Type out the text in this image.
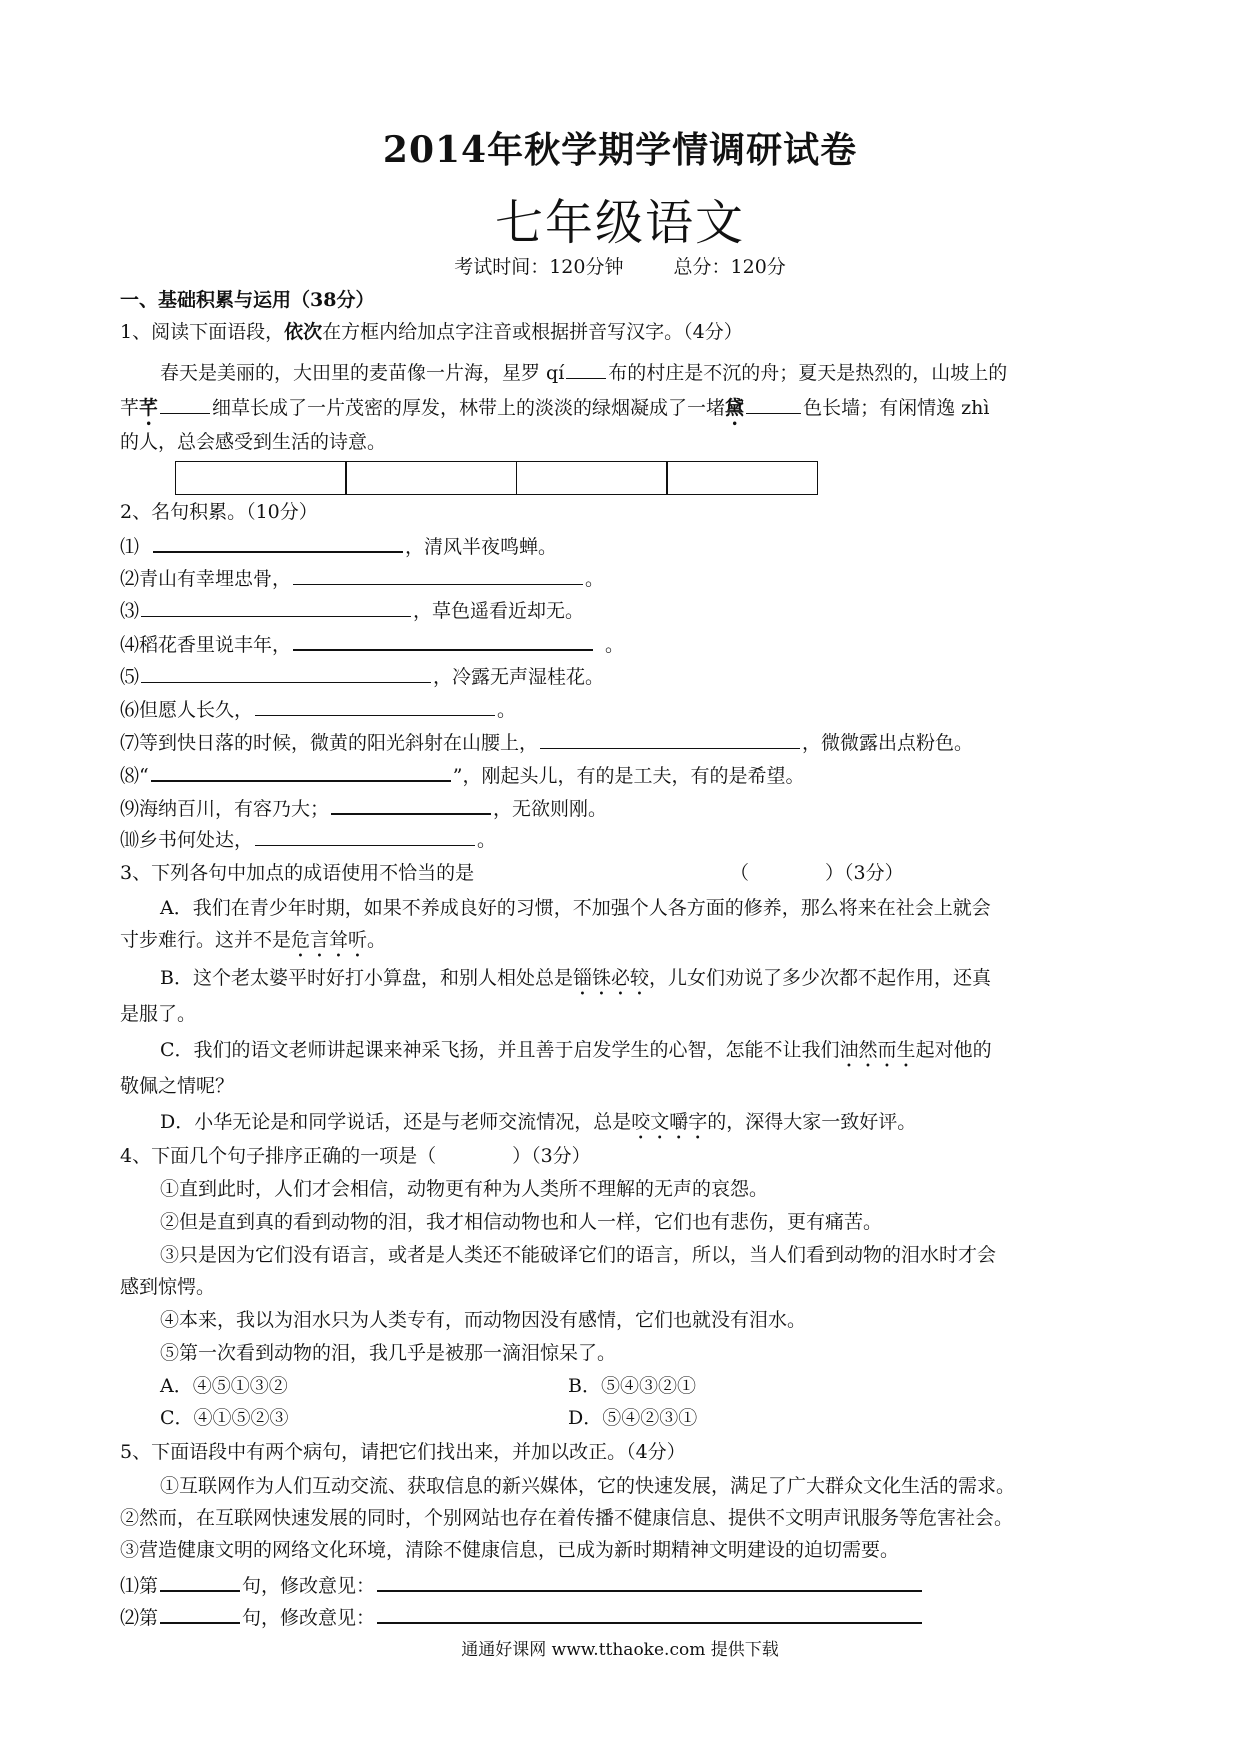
2014年秋学期学情调研试卷
七年级语文
考试时间：120分钟	总分：120分
一、基础积累与运用（38分）
1、阅读下面语段，依次在方框内给加点字注音或根据拼音写汉字。（4分）
春天是美丽的，大田里的麦苗像一片海，星罗 qí 布的村庄是不沉的舟；夏天是热烈的，山坡上的
芊芊	细草长成了一片茂密的厚发，林带上的淡淡的绿烟凝成了一堵黛	色长墙；有闲情逸 zhì
的人，总会感受到生活的诗意。
2、名句积累。（10分）
⑴	，清风半夜鸣蝉。
⑵青山有幸埋忠骨，	。
⑶	，草色遥看近却无。
⑷稻花香里说丰年，	。
⑸	，冷露无声湿桂花。
⑹但愿人长久，	。
⑺等到快日落的时候，微黄的阳光斜射在山腰上，	，微微露出点粉色。
⑻“	”，刚起头儿，有的是工夫，有的是希望。
⑼海纳百川，有容乃大；	，无欲则刚。
⑽乡书何处达，	。
3、下列各句中加点的成语使用不恰当的是	（　　　　）（3分）
A．我们在青少年时期，如果不养成良好的习惯，不加强个人各方面的修养，那么将来在社会上就会
寸步难行。这并不是危言耸听。
B．这个老太婆平时好打小算盘，和别人相处总是锱铢必较，儿女们劝说了多少次都不起作用，还真
是服了。
C．我们的语文老师讲起课来神采飞扬，并且善于启发学生的心智，怎能不让我们油然而生起对他的
敬佩之情呢？
D．小华无论是和同学说话，还是与老师交流情况，总是咬文嚼字的，深得大家一致好评。
4、下面几个句子排序正确的一项是（　　　　）（3分）
①直到此时，人们才会相信，动物更有种为人类所不理解的无声的哀怨。
②但是直到真的看到动物的泪，我才相信动物也和人一样，它们也有悲伤，更有痛苦。
③只是因为它们没有语言，或者是人类还不能破译它们的语言，所以，当人们看到动物的泪水时才会
感到惊愕。
④本来，我以为泪水只为人类专有，而动物因没有感情，它们也就没有泪水。
⑤第一次看到动物的泪，我几乎是被那一滴泪惊呆了。
A．④⑤①③②	B．⑤④③②①
C．④①⑤②③	D．⑤④②③①
5、下面语段中有两个病句，请把它们找出来，并加以改正。（4分）
①互联网作为人们互动交流、获取信息的新兴媒体，它的快速发展，满足了广大群众文化生活的需求。
②然而，在互联网快速发展的同时，个别网站也存在着传播不健康信息、提供不文明声讯服务等危害社会。
③营造健康文明的网络文化环境，清除不健康信息，已成为新时期精神文明建设的迫切需要。
⑴第	句，修改意见：
⑵第	句，修改意见：
通通好课网 www.tthaoke.com 提供下载
